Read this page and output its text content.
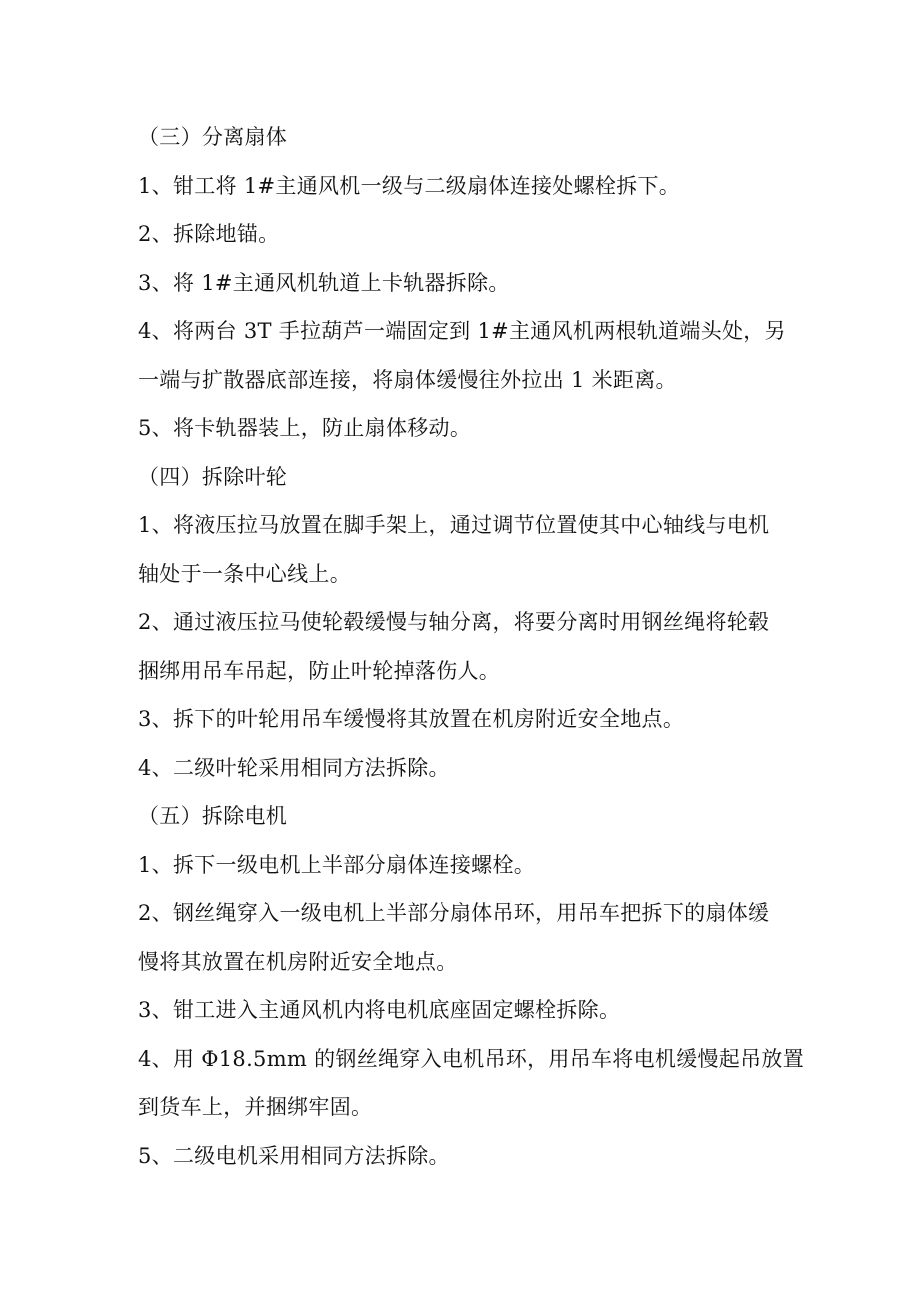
（三）分离扇体
1、钳工将 1#主通风机一级与二级扇体连接处螺栓拆下。
2、拆除地锚。
3、将 1#主通风机轨道上卡轨器拆除。
4、将两台 3T 手拉葫芦一端固定到 1#主通风机两根轨道端头处，另
一端与扩散器底部连接，将扇体缓慢往外拉出 1 米距离。
5、将卡轨器装上，防止扇体移动。
（四）拆除叶轮
1、将液压拉马放置在脚手架上，通过调节位置使其中心轴线与电机
轴处于一条中心线上。
2、通过液压拉马使轮毂缓慢与轴分离，将要分离时用钢丝绳将轮毂
捆绑用吊车吊起，防止叶轮掉落伤人。
3、拆下的叶轮用吊车缓慢将其放置在机房附近安全地点。
4、二级叶轮采用相同方法拆除。
（五）拆除电机
1、拆下一级电机上半部分扇体连接螺栓。
2、钢丝绳穿入一级电机上半部分扇体吊环，用吊车把拆下的扇体缓
慢将其放置在机房附近安全地点。
3、钳工进入主通风机内将电机底座固定螺栓拆除。
4、用 Φ18.5mm 的钢丝绳穿入电机吊环，用吊车将电机缓慢起吊放置
到货车上，并捆绑牢固。
5、二级电机采用相同方法拆除。
